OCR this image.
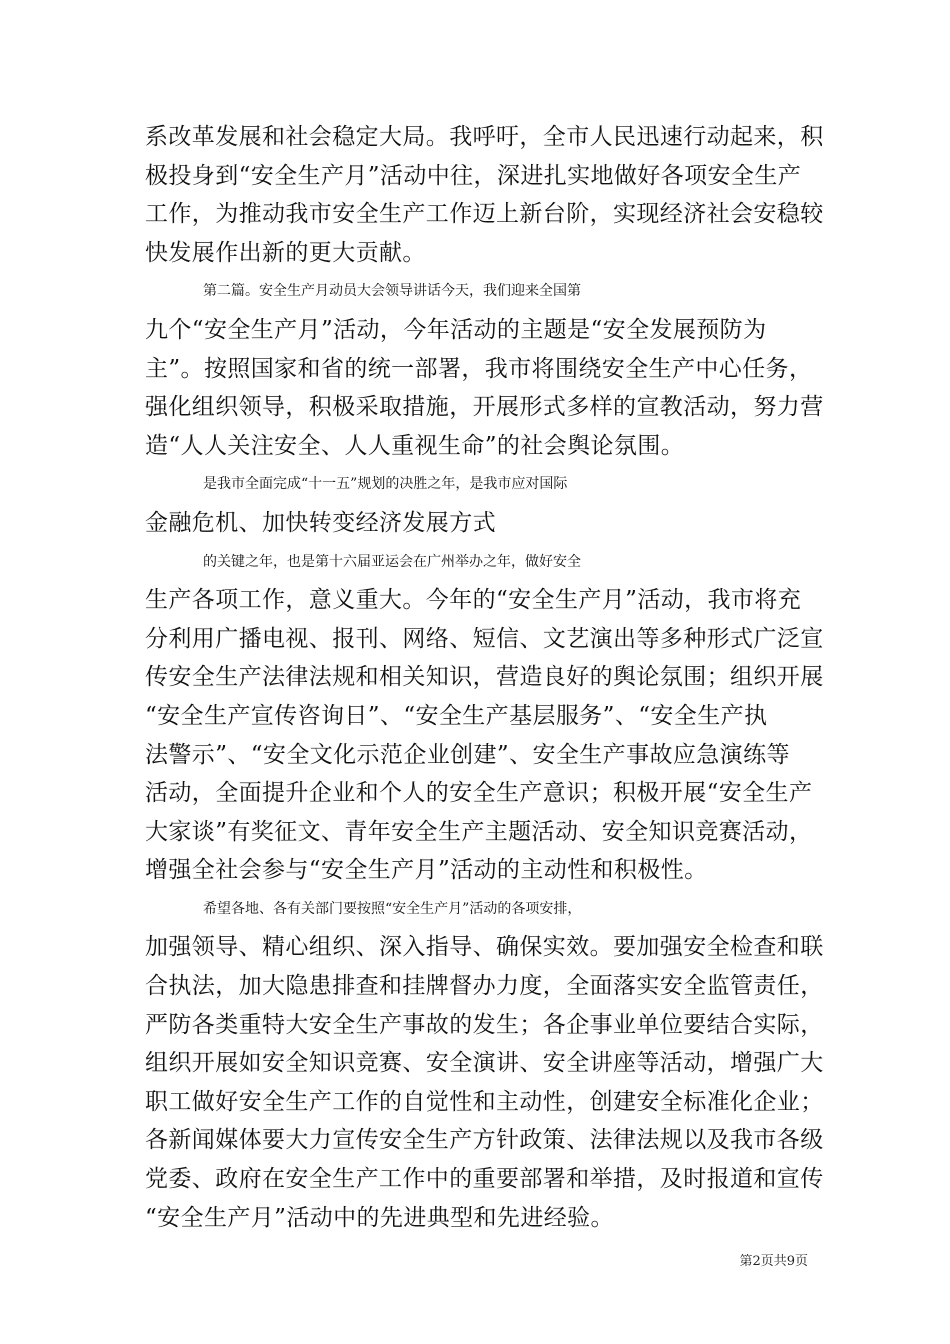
系改革发展和社会稳定大局。我呼吁，全市人民迅速行动起来，积
极投身到“安全生产月”活动中往，深进扎实地做好各项安全生产
工作，为推动我市安全生产工作迈上新台阶，实现经济社会安稳较
快发展作出新的更大贡献。
第二篇。安全生产月动员大会领导讲话今天，我们迎来全国第
九个“安全生产月”活动，今年活动的主题是“安全发展预防为
主”。按照国家和省的统一部署，我市将围绕安全生产中心任务，
强化组织领导，积极采取措施，开展形式多样的宣教活动，努力营
造“人人关注安全、人人重视生命”的社会舆论氛围。
是我市全面完成“十一五”规划的决胜之年，是我市应对国际
金融危机、加快转变经济发展方式
的关键之年，也是第十六届亚运会在广州举办之年，做好安全
生产各项工作，意义重大。今年的“安全生产月”活动，我市将充
分利用广播电视、报刊、网络、短信、文艺演出等多种形式广泛宣
传安全生产法律法规和相关知识，营造良好的舆论氛围；组织开展
“安全生产宣传咨询日”、“安全生产基层服务”、“安全生产执
法警示”、“安全文化示范企业创建”、安全生产事故应急演练等
活动，全面提升企业和个人的安全生产意识；积极开展“安全生产
大家谈”有奖征文、青年安全生产主题活动、安全知识竞赛活动，
增强全社会参与“安全生产月”活动的主动性和积极性。
希望各地、各有关部门要按照“安全生产月”活动的各项安排，
加强领导、精心组织、深入指导、确保实效。要加强安全检查和联
合执法，加大隐患排查和挂牌督办力度，全面落实安全监管责任，
严防各类重特大安全生产事故的发生；各企事业单位要结合实际，
组织开展如安全知识竞赛、安全演讲、安全讲座等活动，增强广大
职工做好安全生产工作的自觉性和主动性，创建安全标准化企业；
各新闻媒体要大力宣传安全生产方针政策、法律法规以及我市各级
党委、政府在安全生产工作中的重要部署和举措，及时报道和宣传
“安全生产月”活动中的先进典型和先进经验。
第2页共9页
